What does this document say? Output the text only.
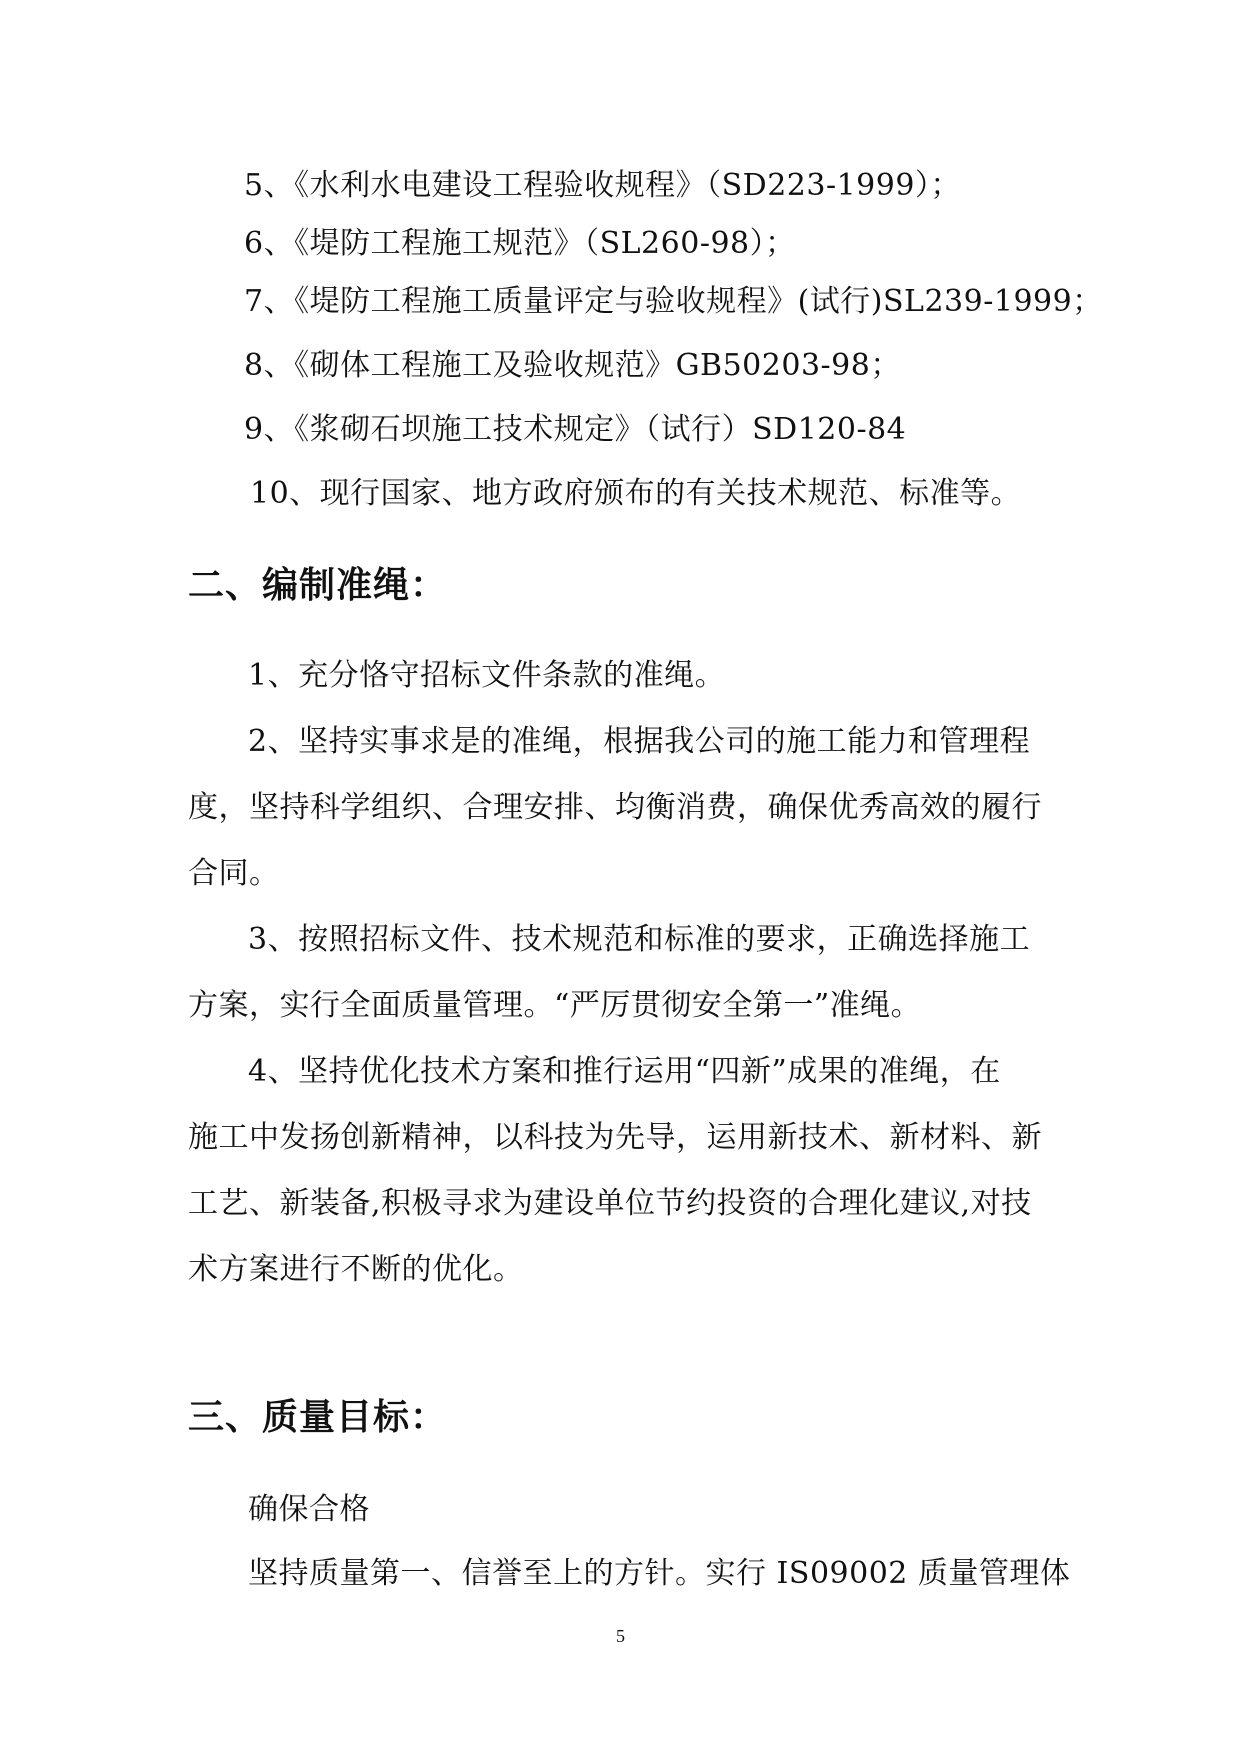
5、《水利水电建设工程验收规程》（SD223-1999）；
6、《堤防工程施工规范》（SL260-98）；
7、《堤防工程施工质量评定与验收规程》(试行)SL239-1999；
8、《砌体工程施工及验收规范》GB50203-98；
9、《浆砌石坝施工技术规定》（试行）SD120-84
10、现行国家、地方政府颁布的有关技术规范、标准等。
二、编制准绳：
1、充分恪守招标文件条款的准绳。
2、坚持实事求是的准绳，根据我公司的施工能力和管理程
度，坚持科学组织、合理安排、均衡消费，确保优秀高效的履行
合同。
3、按照招标文件、技术规范和标准的要求，正确选择施工
方案，实行全面质量管理。“严厉贯彻安全第一”准绳。
4、坚持优化技术方案和推行运用“四新”成果的准绳，在
施工中发扬创新精神，以科技为先导，运用新技术、新材料、新
工艺、新装备,积极寻求为建设单位节约投资的合理化建议,对技
术方案进行不断的优化。
三、质量目标：
确保合格
坚持质量第一、信誉至上的方针。实行 IS09002 质量管理体
5
